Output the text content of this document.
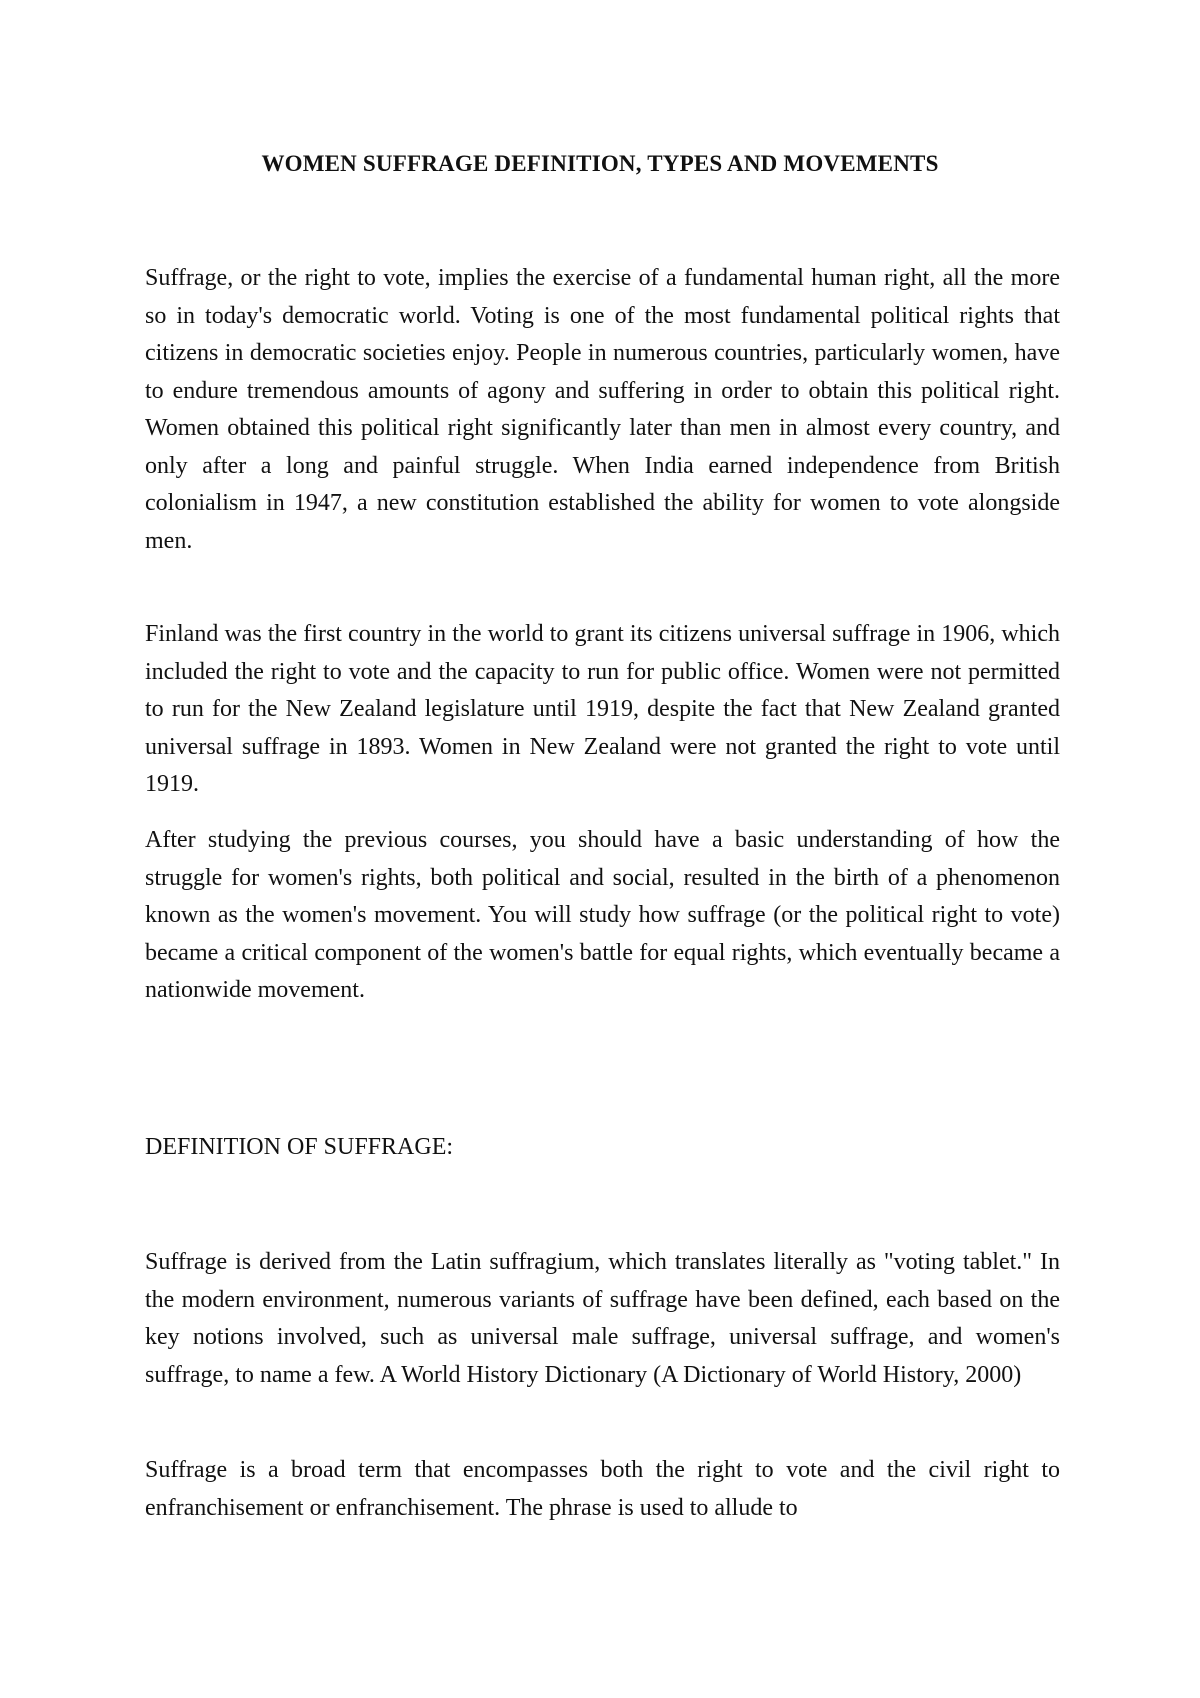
WOMEN SUFFRAGE DEFINITION, TYPES AND MOVEMENTS

Suffrage, or the right to vote, implies the exercise of a fundamental human right, all the more so in today's democratic world. Voting is one of the most fundamental political rights that citizens in democratic societies enjoy. People in numerous countries, particularly women, have to endure tremendous amounts of agony and suffering in order to obtain this political right. Women obtained this political right significantly later than men in almost every country, and only after a long and painful struggle. When India earned independence from British colonialism in 1947, a new constitution established the ability for women to vote alongside men.

Finland was the first country in the world to grant its citizens universal suffrage in 1906, which included the right to vote and the capacity to run for public office. Women were not permitted to run for the New Zealand legislature until 1919, despite the fact that New Zealand granted universal suffrage in 1893. Women in New Zealand were not granted the right to vote until 1919.

After studying the previous courses, you should have a basic understanding of how the struggle for women's rights, both political and social, resulted in the birth of a phenomenon known as the women's movement. You will study how suffrage (or the political right to vote) became a critical component of the women's battle for equal rights, which eventually became a nationwide movement.

DEFINITION OF SUFFRAGE:

Suffrage is derived from the Latin suffragium, which translates literally as "voting tablet." In the modern environment, numerous variants of suffrage have been defined, each based on the key notions involved, such as universal male suffrage, universal suffrage, and women's suffrage, to name a few. A World History Dictionary (A Dictionary of World History, 2000)

Suffrage is a broad term that encompasses both the right to vote and the civil right to enfranchisement or enfranchisement. The phrase is used to allude to
